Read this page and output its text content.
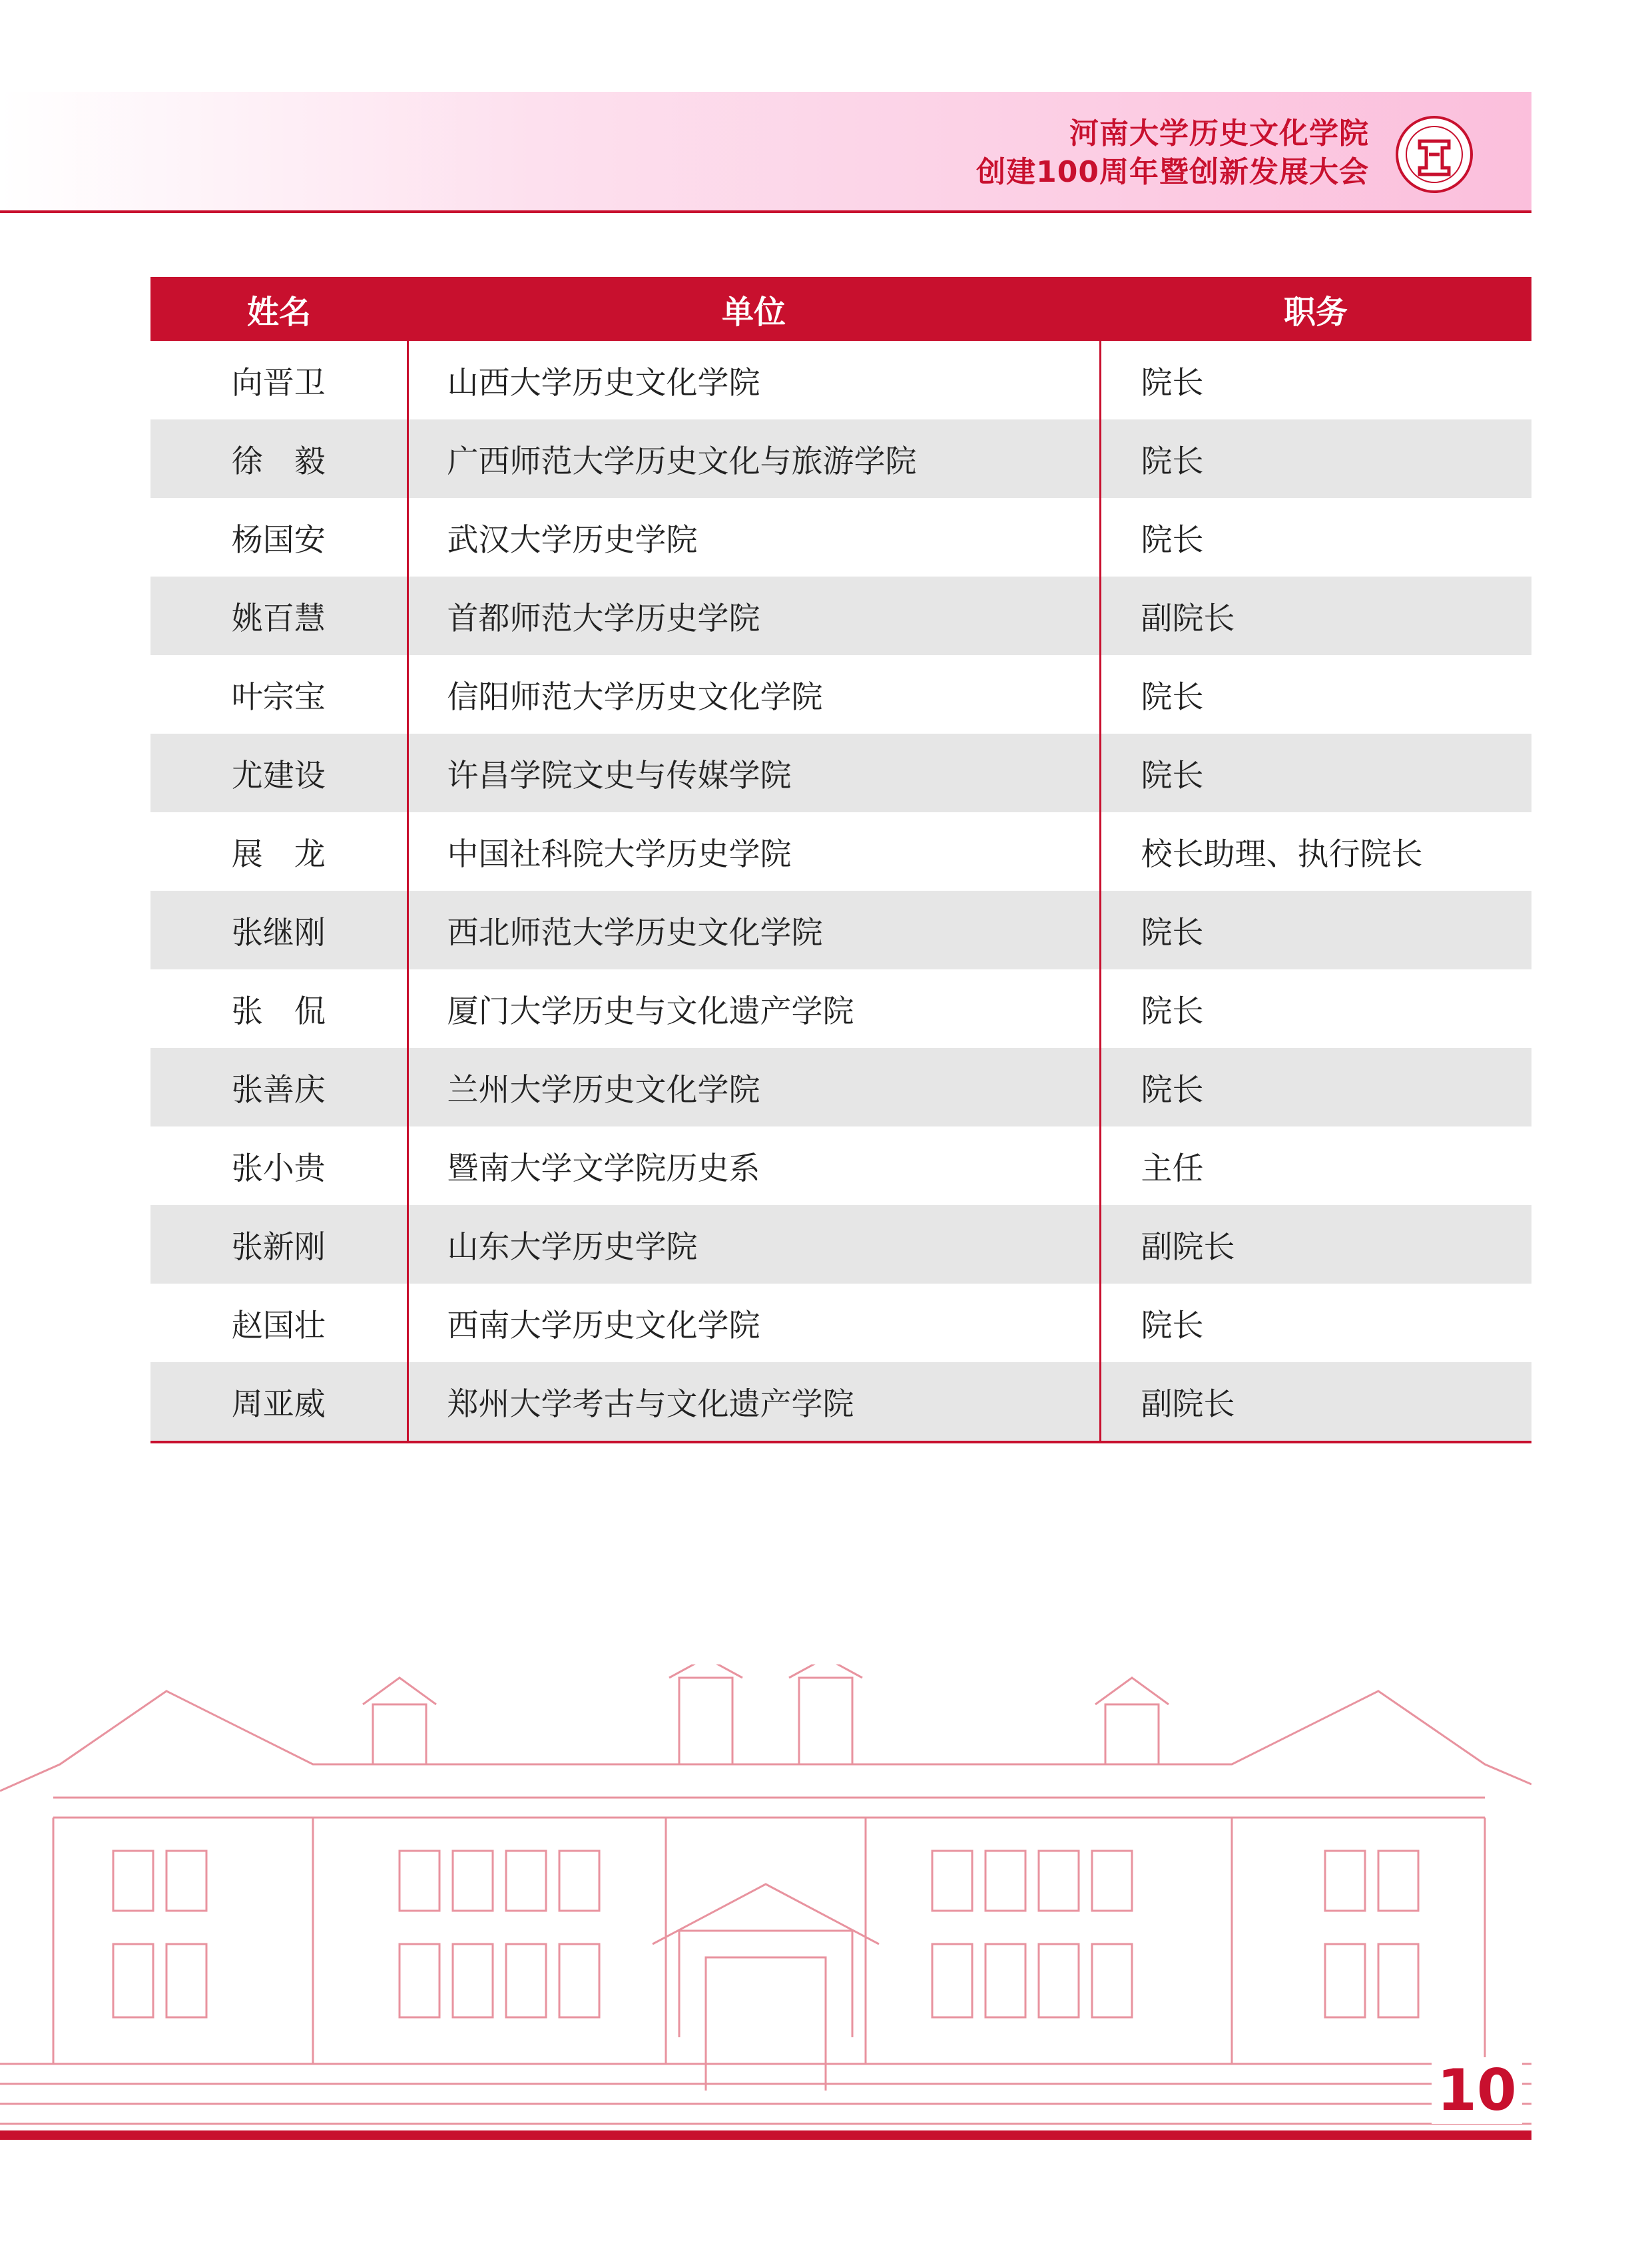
河南大学历史文化学院
创建100周年暨创新发展大会
姓名	单位	职务
向晋卫	山西大学历史文化学院	院长
徐　毅	广西师范大学历史文化与旅游学院	院长
杨国安	武汉大学历史学院	院长
姚百慧	首都师范大学历史学院	副院长
叶宗宝	信阳师范大学历史文化学院	院长
尤建设	许昌学院文史与传媒学院	院长
展　龙	中国社科院大学历史学院	校长助理、执行院长
张继刚	西北师范大学历史文化学院	院长
张　侃	厦门大学历史与文化遗产学院	院长
张善庆	兰州大学历史文化学院	院长
张小贵	暨南大学文学院历史系	主任
张新刚	山东大学历史学院	副院长
赵国壮	西南大学历史文化学院	院长
周亚威	郑州大学考古与文化遗产学院	副院长
10
